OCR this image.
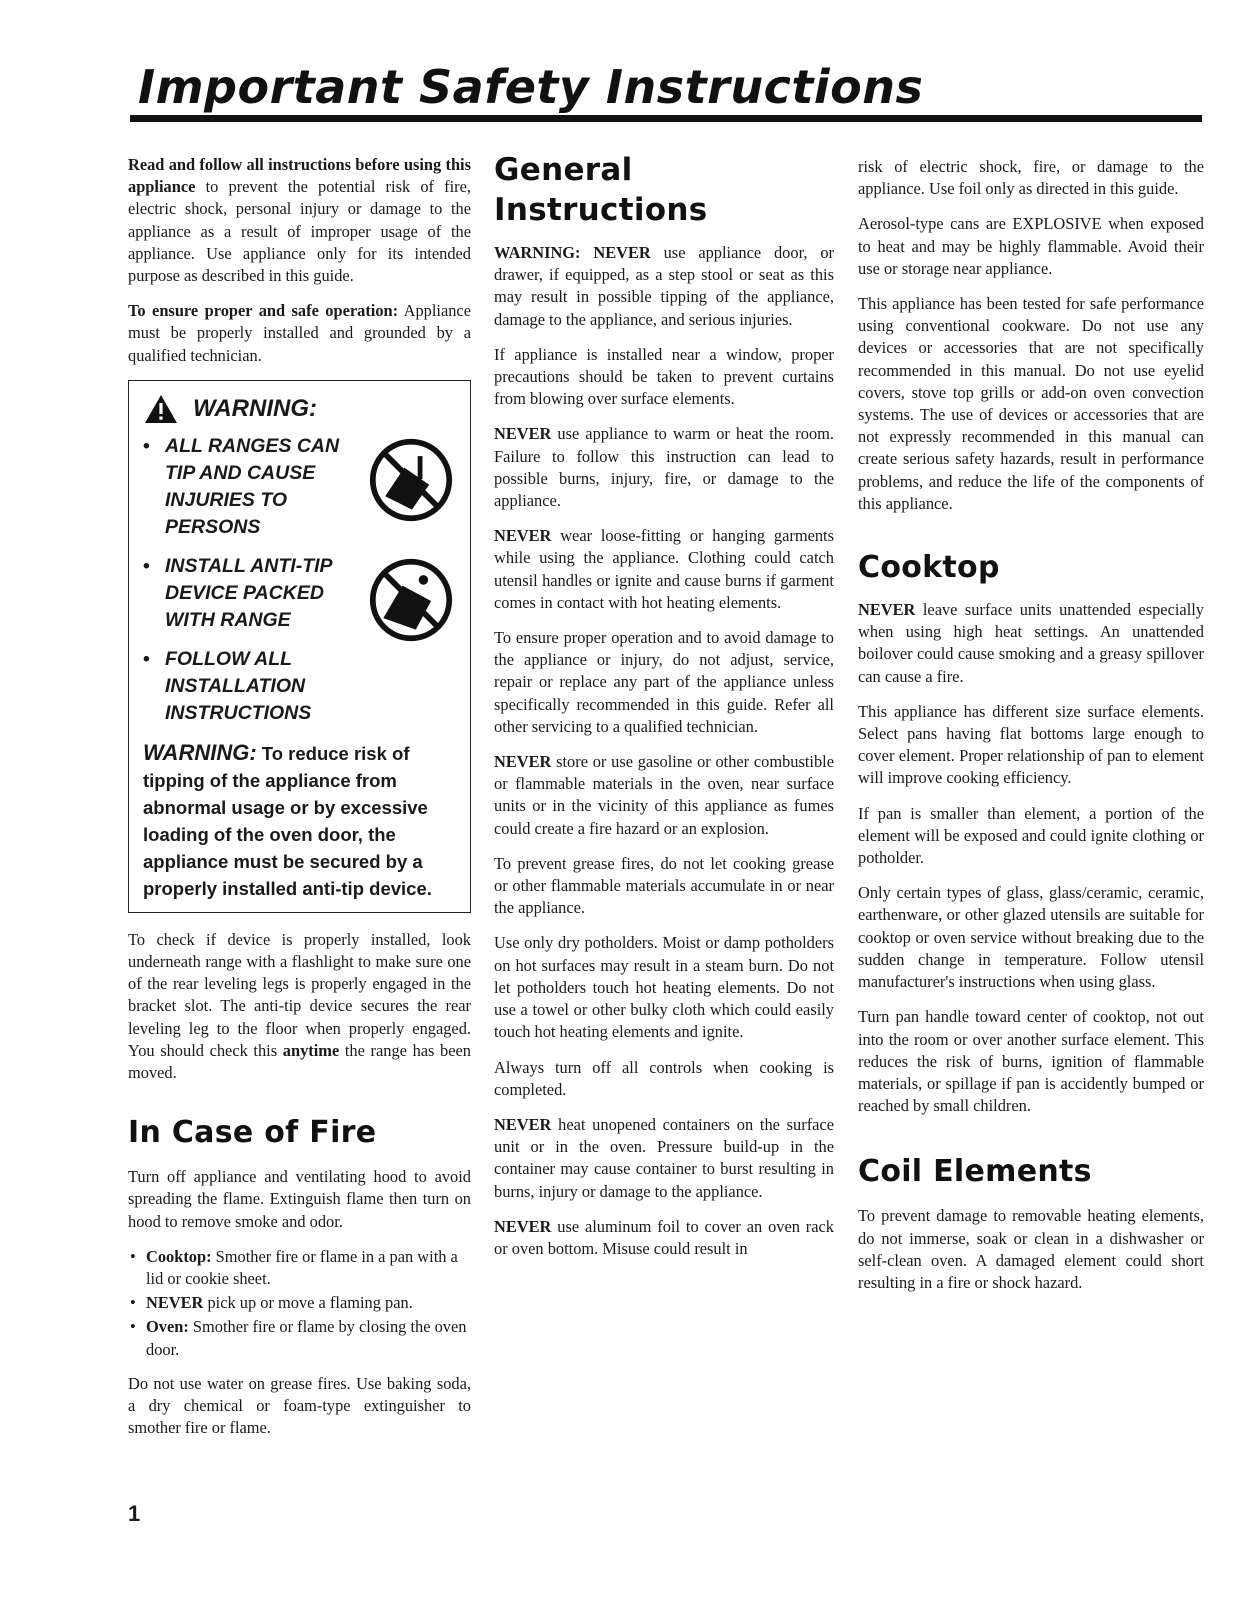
Important Safety Instructions

Read and follow all instructions before using this appliance to prevent the potential risk of fire, electric shock, personal injury or damage to the appliance as a result of improper usage of the appliance. Use appliance only for its intended purpose as described in this guide.

To ensure proper and safe operation: Appliance must be properly installed and grounded by a qualified technician.

WARNING:
• ALL RANGES CAN TIP AND CAUSE INJURIES TO PERSONS
• INSTALL ANTI-TIP DEVICE PACKED WITH RANGE
• FOLLOW ALL INSTALLATION INSTRUCTIONS
WARNING: To reduce risk of tipping of the appliance from abnormal usage or by excessive loading of the oven door, the appliance must be secured by a properly installed anti-tip device.

To check if device is properly installed, look underneath range with a flashlight to make sure one of the rear leveling legs is properly engaged in the bracket slot. The anti-tip device secures the rear leveling leg to the floor when properly engaged. You should check this anytime the range has been moved.

In Case of Fire

Turn off appliance and ventilating hood to avoid spreading the flame. Extinguish flame then turn on hood to remove smoke and odor.

• Cooktop: Smother fire or flame in a pan with a lid or cookie sheet.
• NEVER pick up or move a flaming pan.
• Oven: Smother fire or flame by closing the oven door.

Do not use water on grease fires. Use baking soda, a dry chemical or foam-type extinguisher to smother fire or flame.

General Instructions

WARNING: NEVER use appliance door, or drawer, if equipped, as a step stool or seat as this may result in possible tipping of the appliance, damage to the appliance, and serious injuries.

If appliance is installed near a window, proper precautions should be taken to prevent curtains from blowing over surface elements.

NEVER use appliance to warm or heat the room. Failure to follow this instruction can lead to possible burns, injury, fire, or damage to the appliance.

NEVER wear loose-fitting or hanging garments while using the appliance. Clothing could catch utensil handles or ignite and cause burns if garment comes in contact with hot heating elements.

To ensure proper operation and to avoid damage to the appliance or injury, do not adjust, service, repair or replace any part of the appliance unless specifically recommended in this guide. Refer all other servicing to a qualified technician.

NEVER store or use gasoline or other combustible or flammable materials in the oven, near surface units or in the vicinity of this appliance as fumes could create a fire hazard or an explosion.

To prevent grease fires, do not let cooking grease or other flammable materials accumulate in or near the appliance.

Use only dry potholders. Moist or damp potholders on hot surfaces may result in a steam burn. Do not let potholders touch hot heating elements. Do not use a towel or other bulky cloth which could easily touch hot heating elements and ignite.

Always turn off all controls when cooking is completed.

NEVER heat unopened containers on the surface unit or in the oven. Pressure build-up in the container may cause container to burst resulting in burns, injury or damage to the appliance.

NEVER use aluminum foil to cover an oven rack or oven bottom. Misuse could result in

risk of electric shock, fire, or damage to the appliance. Use foil only as directed in this guide.

Aerosol-type cans are EXPLOSIVE when exposed to heat and may be highly flammable. Avoid their use or storage near appliance.

This appliance has been tested for safe performance using conventional cookware. Do not use any devices or accessories that are not specifically recommended in this manual. Do not use eyelid covers, stove top grills or add-on oven convection systems. The use of devices or accessories that are not expressly recommended in this manual can create serious safety hazards, result in performance problems, and reduce the life of the components of this appliance.

Cooktop

NEVER leave surface units unattended especially when using high heat settings. An unattended boilover could cause smoking and a greasy spillover can cause a fire.

This appliance has different size surface elements. Select pans having flat bottoms large enough to cover element. Proper relationship of pan to element will improve cooking efficiency.

If pan is smaller than element, a portion of the element will be exposed and could ignite clothing or potholder.

Only certain types of glass, glass/ceramic, ceramic, earthenware, or other glazed utensils are suitable for cooktop or oven service without breaking due to the sudden change in temperature. Follow utensil manufacturer's instructions when using glass.

Turn pan handle toward center of cooktop, not out into the room or over another surface element. This reduces the risk of burns, ignition of flammable materials, or spillage if pan is accidently bumped or reached by small children.

Coil Elements

To prevent damage to removable heating elements, do not immerse, soak or clean in a dishwasher or self-clean oven. A damaged element could short resulting in a fire or shock hazard.

1
